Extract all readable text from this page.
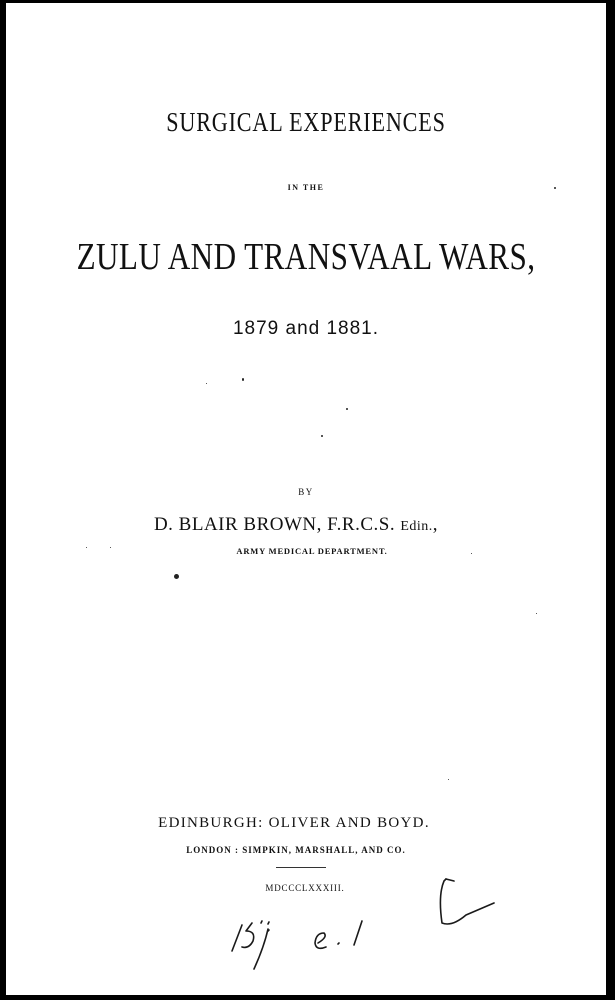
SURGICAL EXPERIENCES
IN THE
ZULU AND TRANSVAAL WARS,
1879 and 1881.
BY
D. BLAIR BROWN, F.R.C.S. Edin.,
ARMY MEDICAL DEPARTMENT.
EDINBURGH: OLIVER AND BOYD.
LONDON : SIMPKIN, MARSHALL, AND CO.
MDCCCLXXXIII.
